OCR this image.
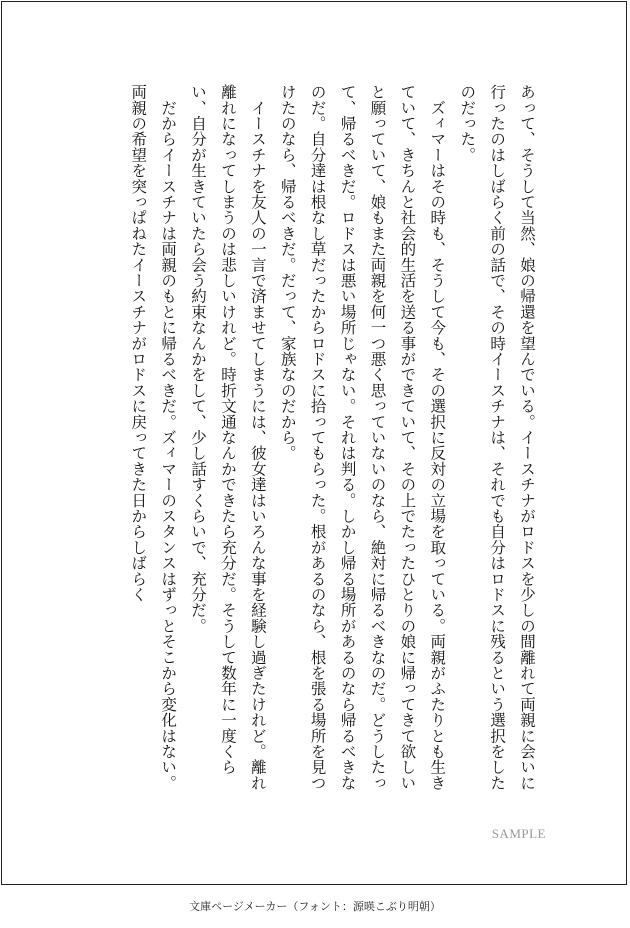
あって、そうして当然、娘の帰還を望んでいる。イースチナがロドスを少しの間離れて両親に会いに行ったのはしばらく前の話で、その時イースチナは、それでも自分はロドスに残るという選択をしたのだった。

　ズィマーはその時も、そうして今も、その選択に反対の立場を取っている。両親がふたりとも生きていて、きちんと社会的生活を送る事ができていて、その上でたったひとりの娘に帰ってきて欲しいと願っていて、娘もまた両親を何一つ悪く思っていないのなら、絶対に帰るべきなのだ。どうしたって、帰るべきだ。ロドスは悪い場所じゃない。それは判る。しかし帰る場所があるのなら帰るべきなのだ。自分達は根なし草だったからロドスに拾ってもらった。根があるのなら、根を張る場所を見つけたのなら、帰るべきだ。だって、家族なのだから。

　イースチナを友人の一言で済ませてしまうには、彼女達はいろんな事を経験し過ぎたけれど。離れ離れになってしまうのは悲しいけれど。時折文通なんかできたら充分だ。そうして数年に一度くらい、自分が生きていたら会う約束なんかをして、少し話すくらいで、充分だ。

　だからイースチナは両親のもとに帰るべきだ。ズィマーのスタンスはずっとそこから変化はない。両親の希望を突っぱねたイースチナがロドスに戻ってきた日からしばらく

SAMPLE
文庫ページメーカー（フォント：源暎こぶり明朝）
